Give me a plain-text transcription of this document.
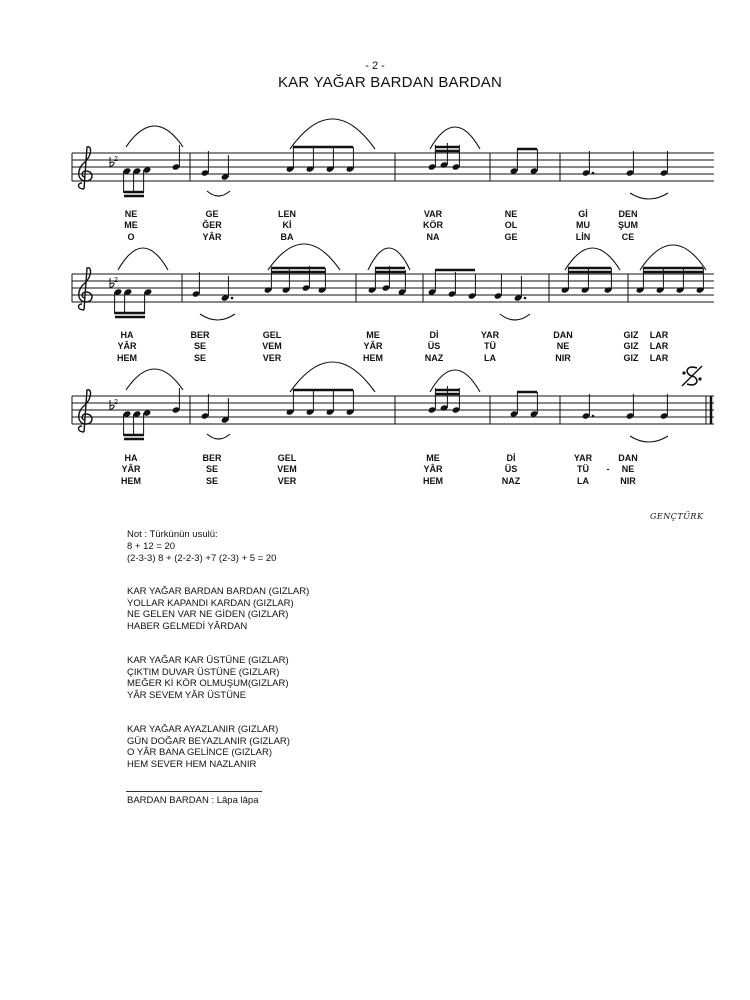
- 2 -
KAR YAĞAR BARDAN BARDAN
2
2
2
NE	GE	LEN	VAR	NE	Gİ	DEN
ME	ĞER	Kİ	KÖR	OL	MU	ŞUM
O	YÂR	BA	NA	GE	LİN	CE
HA	BER	GEL	ME	Dİ	YAR	DAN	GIZ LAR
YÂR	SE	VEM	YÂR	ÜS	TÜ	NE	GIZ LAR
HEM	SE	VER	HEM	NAZ	LA	NIR	GIZ LAR
HA	BER	GEL	ME	Dİ	YAR	DAN
YÂR	SE	VEM	YÂR	ÜS	TÜ - NE
HEM	SE	VER	HEM	NAZ	LA	NIR
GENÇTÜRK
Not : Türkünün usulü:
8 + 12 = 20
(2-3-3) 8 + (2-2-3) +7 (2-3) + 5 = 20
KAR YAĞAR BARDAN BARDAN (GIZLAR)
YOLLAR KAPANDI KARDAN (GIZLAR)
NE GELEN VAR NE GİDEN (GIZLAR)
HABER GELMEDİ YÂRDAN
KAR YAĞAR KAR ÜSTÜNE (GIZLAR)
ÇIKTIM DUVAR ÜSTÜNE (GIZLAR)
MEĞER Kİ KÖR OLMUŞUM(GIZLAR)
YÂR SEVEM YÂR ÜSTÜNE
KAR YAĞAR AYAZLANIR (GIZLAR)
GÜN DOĞAR BEYAZLANIR (GIZLAR)
O YÂR BANA GELİNCE (GIZLAR)
HEM SEVER HEM NAZLANIR
BARDAN BARDAN : Lâpa lâpa
